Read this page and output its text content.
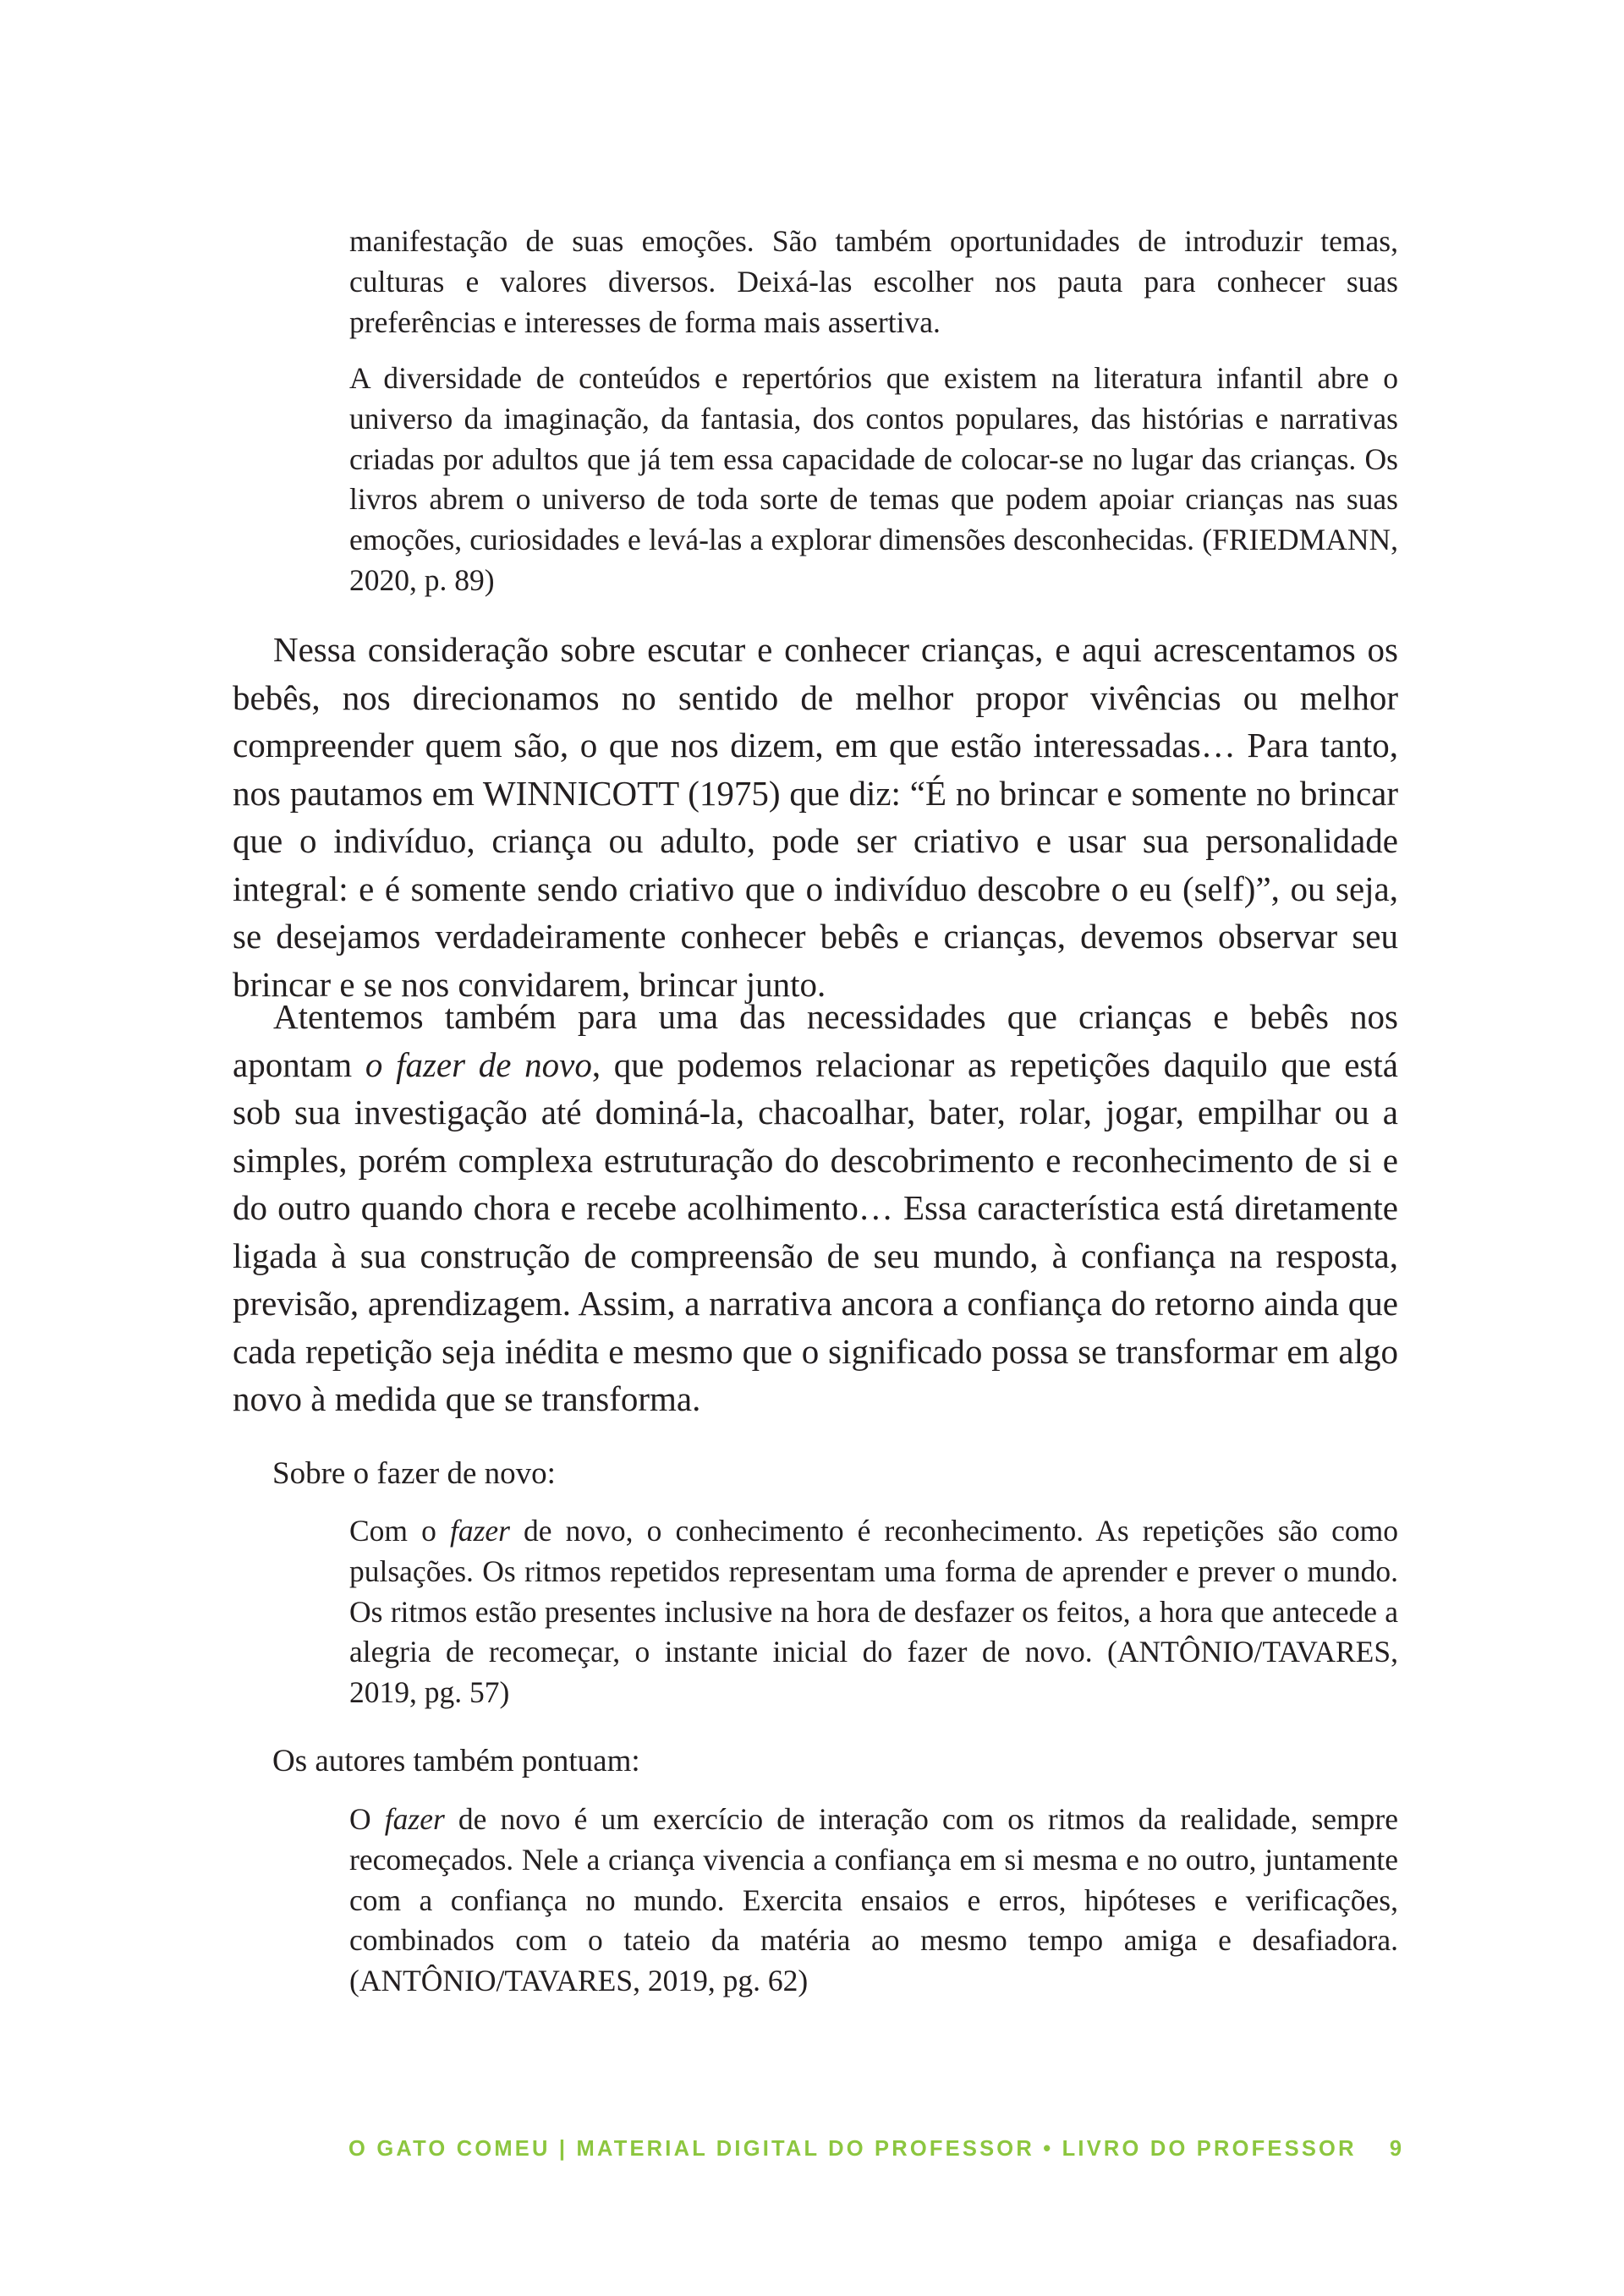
manifestação de suas emoções. São também oportunidades de introduzir temas, culturas e valores diversos. Deixá-las escolher nos pauta para conhecer suas preferências e interesses de forma mais assertiva.

A diversidade de conteúdos e repertórios que existem na literatura infantil abre o universo da imaginação, da fantasia, dos contos populares, das histórias e narrativas criadas por adultos que já tem essa capacidade de colocar-se no lugar das crianças. Os livros abrem o universo de toda sorte de temas que podem apoiar crianças nas suas emoções, curiosidades e levá-las a explorar dimensões desconhecidas. (FRIEDMANN, 2020, p. 89)

Nessa consideração sobre escutar e conhecer crianças, e aqui acrescentamos os bebês, nos direcionamos no sentido de melhor propor vivências ou melhor compreender quem são, o que nos dizem, em que estão interessadas… Para tanto, nos pautamos em WINNICOTT (1975) que diz: “É no brincar e somente no brincar que o indivíduo, criança ou adulto, pode ser criativo e usar sua personalidade integral: e é somente sendo criativo que o indivíduo descobre o eu (self)”, ou seja, se desejamos verdadeiramente conhecer bebês e crianças, devemos observar seu brincar e se nos convidarem, brincar junto.

Atentemos também para uma das necessidades que crianças e bebês nos apontam o fazer de novo, que podemos relacionar as repetições daquilo que está sob sua investigação até dominá-la, chacoalhar, bater, rolar, jogar, empilhar ou a simples, porém complexa estruturação do descobrimento e reconhecimento de si e do outro quando chora e recebe acolhimento… Essa característica está diretamente ligada à sua construção de compreensão de seu mundo, à confiança na resposta, previsão, aprendizagem. Assim, a narrativa ancora a confiança do retorno ainda que cada repetição seja inédita e mesmo que o significado possa se transformar em algo novo à medida que se transforma.

Sobre o fazer de novo:

Com o fazer de novo, o conhecimento é reconhecimento. As repetições são como pulsações. Os ritmos repetidos representam uma forma de aprender e prever o mundo. Os ritmos estão presentes inclusive na hora de desfazer os feitos, a hora que antecede a alegria de recomeçar, o instante inicial do fazer de novo. (ANTÔNIO/TAVARES, 2019, pg. 57)

Os autores também pontuam:

O fazer de novo é um exercício de interação com os ritmos da realidade, sempre recomeçados. Nele a criança vivencia a confiança em si mesma e no outro, juntamente com a confiança no mundo. Exercita ensaios e erros, hipóteses e verificações, combinados com o tateio da matéria ao mesmo tempo amiga e desafiadora. (ANTÔNIO/TAVARES, 2019, pg. 62)

O GATO COMEU | MATERIAL DIGITAL DO PROFESSOR • LIVRO DO PROFESSOR 9
